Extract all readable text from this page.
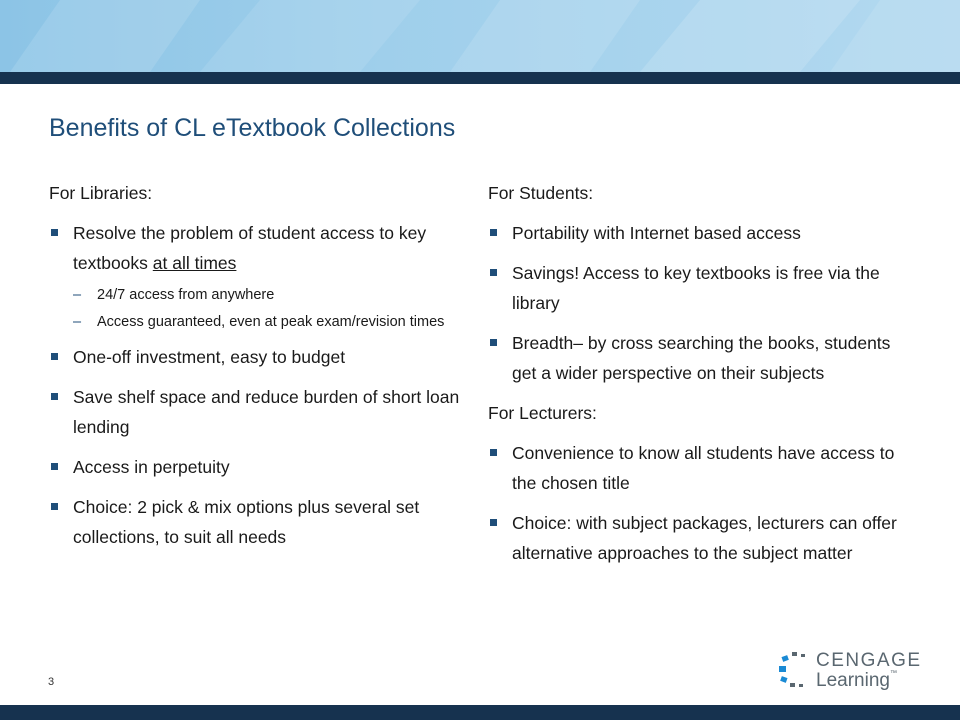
Benefits of CL eTextbook Collections

For Libraries:

Resolve the problem of student access to key textbooks at all times
– 24/7 access from anywhere
– Access guaranteed, even at peak exam/revision times
One-off investment, easy to budget
Save shelf space and reduce burden of short loan lending
Access in perpetuity
Choice: 2 pick & mix options plus several set collections, to suit all needs

For Students:

Portability with Internet based access
Savings! Access to key textbooks is free via the library
Breadth– by cross searching the books, students get a wider perspective on their subjects

For Lecturers:

Convenience to know all students have access to the chosen title
Choice: with subject packages, lecturers can offer alternative approaches to the subject matter
3
CENGAGE
Learning™
